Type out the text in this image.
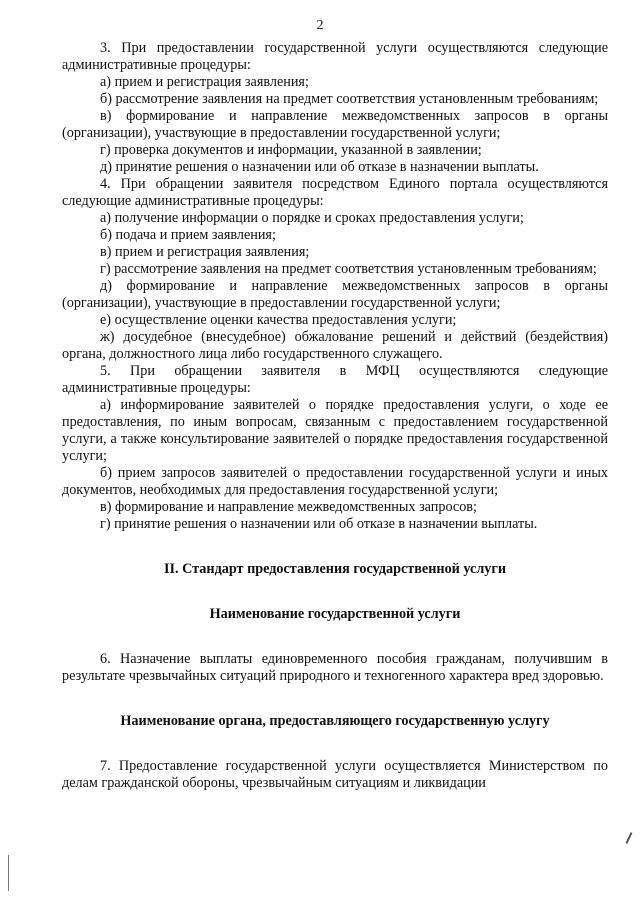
2

3. При предоставлении государственной услуги осуществляются следующие административные процедуры:

а) прием и регистрация заявления;

б) рассмотрение заявления на предмет соответствия установленным требованиям;

в) формирование и направление межведомственных запросов в органы (организации), участвующие в предоставлении государственной услуги;

г) проверка документов и информации, указанной в заявлении;

д) принятие решения о назначении или об отказе в назначении выплаты.

4. При обращении заявителя посредством Единого портала осуществляются следующие административные процедуры:

а) получение информации о порядке и сроках предоставления услуги;

б) подача и прием заявления;

в) прием и регистрация заявления;

г) рассмотрение заявления на предмет соответствия установленным требованиям;

д) формирование и направление межведомственных запросов в органы (организации), участвующие в предоставлении государственной услуги;

е) осуществление оценки качества предоставления услуги;

ж) досудебное (внесудебное) обжалование решений и действий (бездействия) органа, должностного лица либо государственного служащего.

5. При обращении заявителя в МФЦ осуществляются следующие административные процедуры:

а) информирование заявителей о порядке предоставления услуги, о ходе ее предоставления, по иным вопросам, связанным с предоставлением государственной услуги, а также консультирование заявителей о порядке предоставления государственной услуги;

б) прием запросов заявителей о предоставлении государственной услуги и иных документов, необходимых для предоставления государственной услуги;

в) формирование и направление межведомственных запросов;

г) принятие решения о назначении или об отказе в назначении выплаты.

II. Стандарт предоставления государственной услуги

Наименование государственной услуги

6. Назначение выплаты единовременного пособия гражданам, получившим в результате чрезвычайных ситуаций природного и техногенного характера вред здоровью.

Наименование органа, предоставляющего государственную услугу

7. Предоставление государственной услуги осуществляется Министерством по делам гражданской обороны, чрезвычайным ситуациям и ликвидации
